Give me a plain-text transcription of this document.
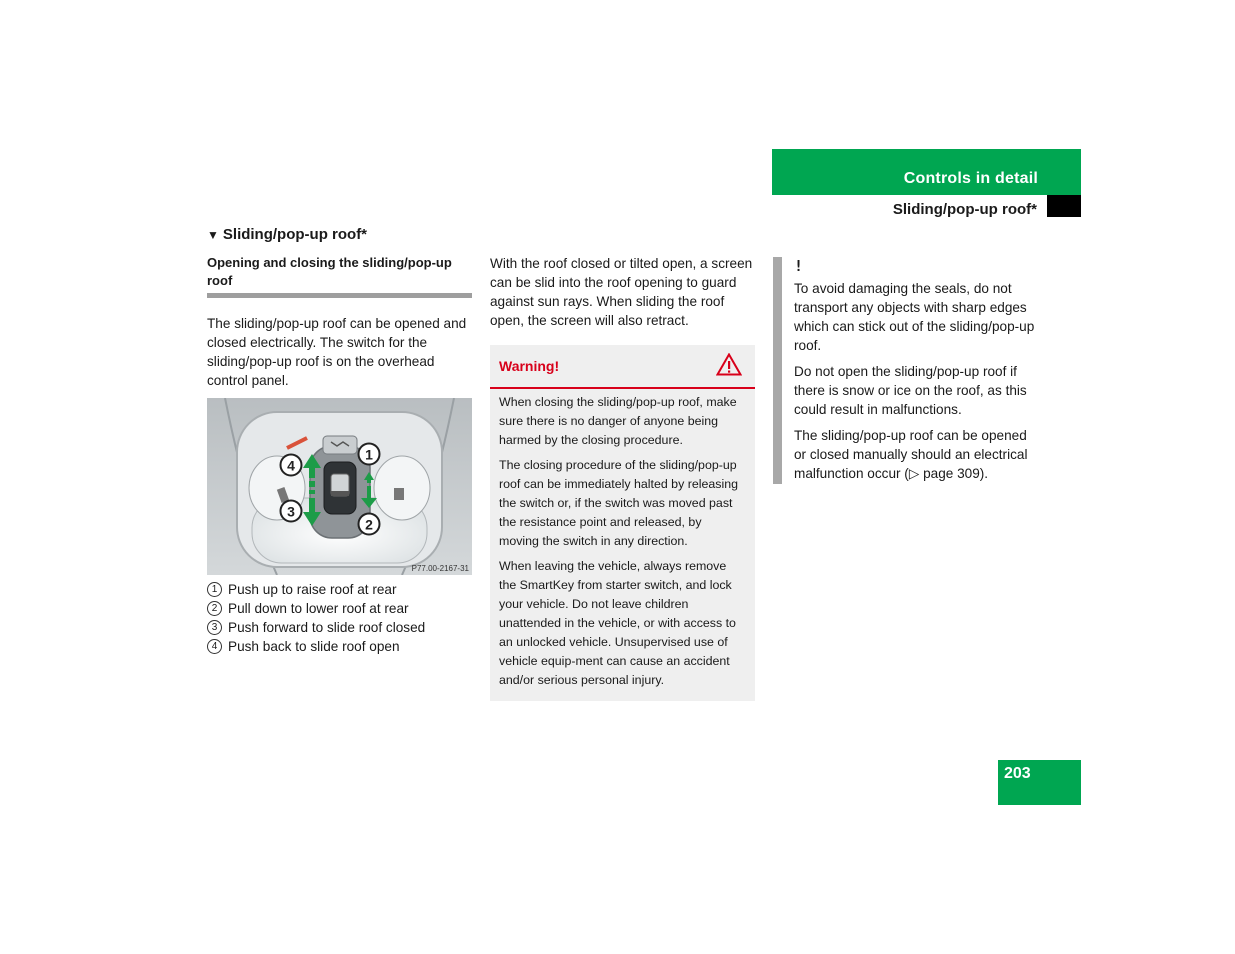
Controls in detail
Sliding/pop-up roof*
▼ Sliding/pop-up roof*
Opening and closing the sliding/pop-up roof

The sliding/pop-up roof can be opened and closed electrically. The switch for the sliding/pop-up roof is on the overhead control panel.

4
1
3
2
P77.00-2167-31
1 Push up to raise roof at rear
2 Pull down to lower roof at rear
3 Push forward to slide roof closed
4 Push back to slide roof open

With the roof closed or tilted open, a screen can be slid into the roof opening to guard against sun rays. When sliding the roof open, the screen will also retract.

Warning!

When closing the sliding/pop-up roof, make sure there is no danger of anyone being harmed by the closing procedure.

The closing procedure of the sliding/pop-up roof can be immediately halted by releasing the switch or, if the switch was moved past the resistance point and released, by moving the switch in any direction.

When leaving the vehicle, always remove the SmartKey from starter switch, and lock your vehicle. Do not leave children unattended in the vehicle, or with access to an unlocked vehicle. Unsupervised use of vehicle equip-ment can cause an accident and/or serious personal injury.

!

To avoid damaging the seals, do not transport any objects with sharp edges which can stick out of the sliding/pop-up roof.

Do not open the sliding/pop-up roof if there is snow or ice on the roof, as this could result in malfunctions.

The sliding/pop-up roof can be opened or closed manually should an electrical malfunction occur (▷ page 309).

203
